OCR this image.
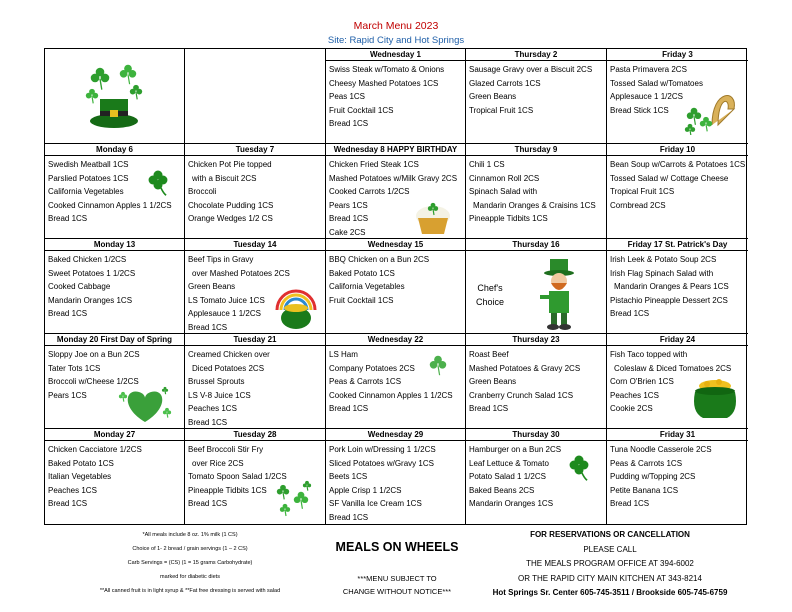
March Menu 2023
Site: Rapid City and Hot Springs
Wednesday 1
Swiss Steak w/Tomato & Onions
Cheesy Mashed Potatoes 1CS
Peas 1CS
Fruit Cocktail 1CS
Bread 1CS
Thursday 2
Sausage Gravy over a Biscuit 2CS
Glazed Carrots 1CS
Green Beans
Tropical Fruit 1CS
Friday 3
Pasta Primavera 2CS
Tossed Salad w/Tomatoes
Applesauce 1 1/2CS
Bread Stick 1CS
Monday 6
Swedish Meatball 1CS
Parslied Potatoes 1CS
California Vegetables
Cooked Cinnamon Apples 1 1/2CS
Bread 1CS
Tuesday 7
Chicken Pot Pie topped
with a Biscuit 2CS
Broccoli
Chocolate Pudding 1CS
Orange Wedges 1/2 CS
Wednesday 8 HAPPY BIRTHDAY
Chicken Fried Steak 1CS
Mashed Potatoes w/Milk Gravy 2CS
Cooked Carrots 1/2CS
Pears 1CS
Bread 1CS
Cake 2CS
Thursday 9
Chili 1 CS
Cinnamon Roll 2CS
Spinach Salad with
Mandarin Oranges & Craisins 1CS
Pineapple Tidbits 1CS
Friday 10
Bean Soup w/Carrots & Potatoes 1CS
Tossed Salad w/ Cottage Cheese
Tropical Fruit 1CS
Cornbread 2CS
Monday 13
Baked Chicken 1/2CS
Sweet Potatoes 1 1/2CS
Cooked Cabbage
Mandarin Oranges 1CS
Bread 1CS
Tuesday 14
Beef Tips in Gravy
over Mashed Potatoes 2CS
Green Beans
LS Tomato Juice 1CS
Applesauce 1 1/2CS
Bread 1CS
Wednesday 15
BBQ Chicken on a Bun 2CS
Baked Potato 1CS
California Vegetables
Fruit Cocktail 1CS
Thursday 16
Chef's
Choice
Friday 17 St. Patrick's Day
Irish Leek & Potato Soup 2CS
Irish Flag Spinach Salad with
Mandarin Oranges & Pears 1CS
Pistachio Pineapple Dessert 2CS
Bread 1CS
Monday 20 First Day of Spring
Sloppy Joe on a Bun 2CS
Tater Tots 1CS
Broccoli w/Cheese 1/2CS
Pears 1CS
Tuesday 21
Creamed Chicken over
Diced Potatoes 2CS
Brussel Sprouts
LS V-8 Juice 1CS
Peaches 1CS
Bread 1CS
Wednesday 22
LS Ham
Company Potatoes 2CS
Peas & Carrots 1CS
Cooked Cinnamon Apples 1 1/2CS
Bread 1CS
Thursday 23
Roast Beef
Mashed Potatoes & Gravy 2CS
Green Beans
Cranberry Crunch Salad 1CS
Bread 1CS
Friday 24
Fish Taco topped with
Coleslaw & Diced Tomatoes 2CS
Corn O'Brien 1CS
Peaches 1CS
Cookie 2CS
Monday 27
Chicken Cacciatore 1/2CS
Baked Potato 1CS
Italian Vegetables
Peaches 1CS
Bread 1CS
Tuesday 28
Beef Broccoli Stir Fry
over Rice 2CS
Tomato Spoon Salad 1/2CS
Pineapple Tidbits 1CS
Bread 1CS
Wednesday 29
Pork Loin w/Dressing 1 1/2CS
Sliced Potatoes w/Gravy 1CS
Beets 1CS
Apple Crisp 1 1/2CS
SF Vanilla Ice Cream 1CS
Bread 1CS
Thursday 30
Hamburger on a Bun 2CS
Leaf Lettuce & Tomato
Potato Salad 1 1/2CS
Baked Beans 2CS
Mandarin Oranges 1CS
Friday 31
Tuna Noodle Casserole 2CS
Peas & Carrots 1CS
Pudding w/Topping 2CS
Petite Banana 1CS
Bread 1CS
*All meals include 8 oz. 1% milk (1 CS)
Choice of 1- 2 bread / grain servings (1 – 2 CS)
Carb Servings = (CS) (1 = 15 grams Carbohydrate)
marked for diabetic diets
**All canned fruit is in light syrup & **Fat free dressing is served with salad
MEALS ON WHEELS
***MENU SUBJECT TO
CHANGE WITHOUT NOTICE***
FOR RESERVATIONS OR CANCELLATION
PLEASE CALL
THE MEALS PROGRAM OFFICE AT 394-6002
OR THE RAPID CITY MAIN KITCHEN AT 343-8214
Hot Springs Sr. Center 605-745-3511 / Brookside 605-745-6759
